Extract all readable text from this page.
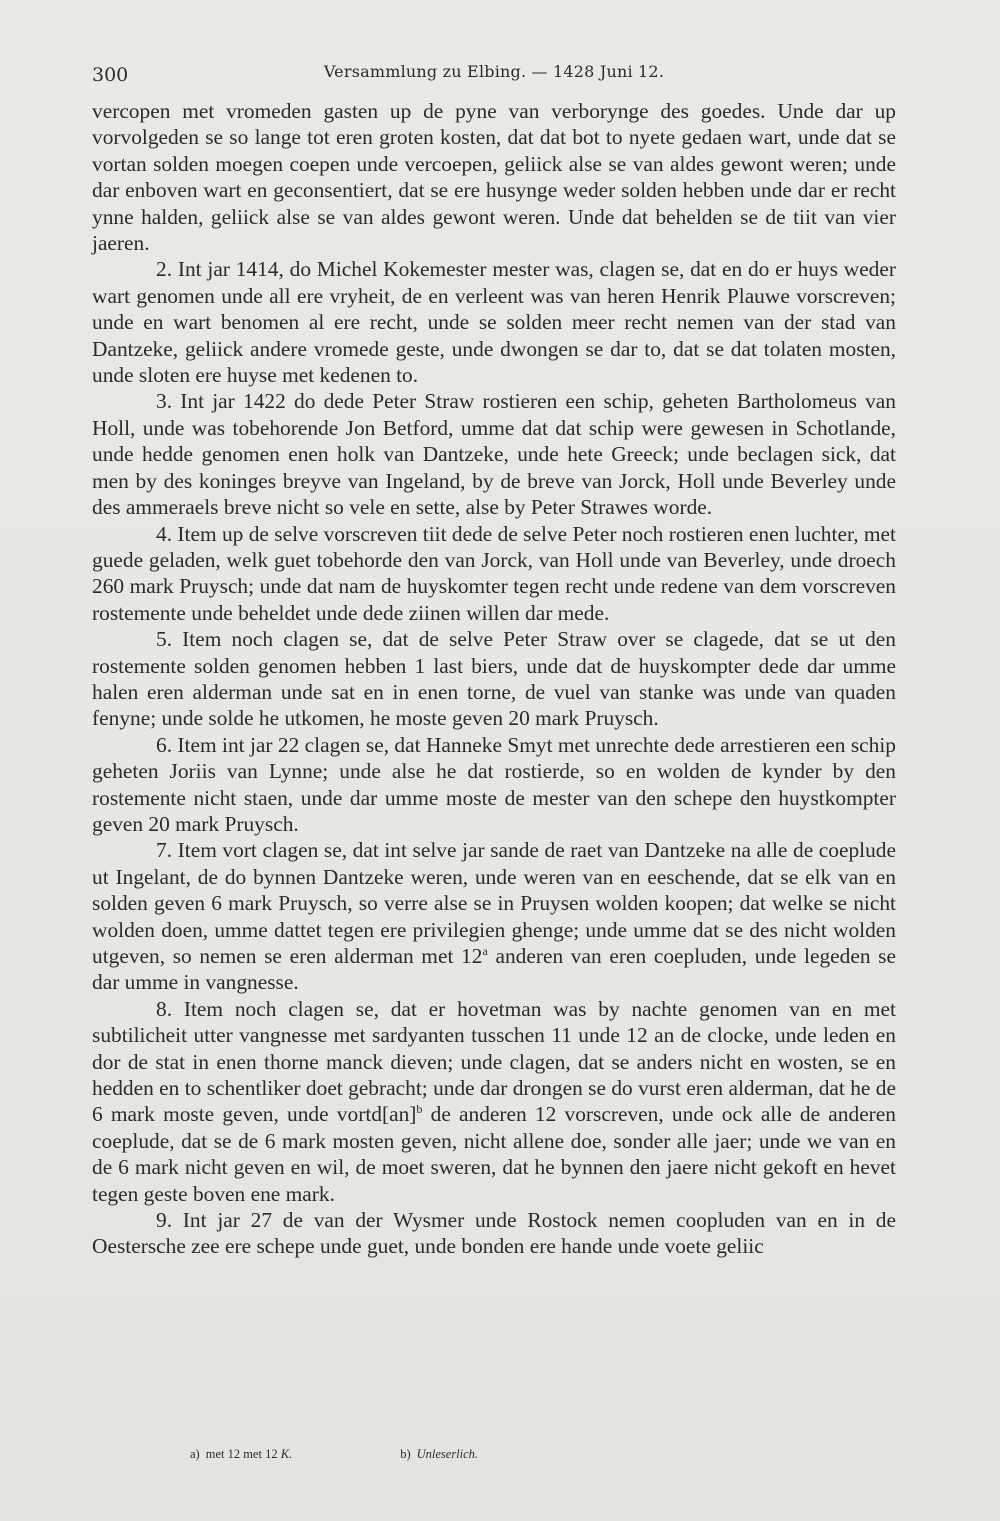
300	Versammlung zu Elbing. — 1428 Juni 12.

vercopen met vromeden gasten up de pyne van verborynge des goedes. Unde dar up vorvolgeden se so lange tot eren groten kosten, dat dat bot to nyete gedaen wart, unde dat se vortan solden moegen coepen unde vercoepen, geliick alse se van aldes gewont weren; unde dar enboven wart en geconsentiert, dat se ere husynge weder solden hebben unde dar er recht ynne halden, geliick alse se van aldes gewont weren. Unde dat behelden se de tiit van vier jaeren.

2. Int jar 1414, do Michel Kokemester mester was, clagen se, dat en do er huys weder wart genomen unde all ere vryheit, de en verleent was van heren Henrik Plauwe vorscreven; unde en wart benomen al ere recht, unde se solden meer recht nemen van der stad van Dantzeke, geliick andere vromede geste, unde dwongen se dar to, dat se dat tolaten mosten, unde sloten ere huyse met kedenen to.

3. Int jar 1422 do dede Peter Straw rostieren een schip, geheten Bartholomeus van Holl, unde was tobehorende Jon Betford, umme dat dat schip were gewesen in Schotlande, unde hedde genomen enen holk van Dantzeke, unde hete Greeck; unde beclagen sick, dat men by des koninges breyve van Ingeland, by de breve van Jorck, Holl unde Beverley unde des ammeraels breve nicht so vele en sette, alse by Peter Strawes worde.

4. Item up de selve vorscreven tiit dede de selve Peter noch rostieren enen luchter, met guede geladen, welk guet tobehorde den van Jorck, van Holl unde van Beverley, unde droech 260 mark Pruysch; unde dat nam de huyskomter tegen recht unde redene van dem vorscreven rostemente unde beheldet unde dede ziinen willen dar mede.

5. Item noch clagen se, dat de selve Peter Straw over se clagede, dat se ut den rostemente solden genomen hebben 1 last biers, unde dat de huyskompter dede dar umme halen eren alderman unde sat en in enen torne, de vuel van stanke was unde van quaden fenyne; unde solde he utkomen, he moste geven 20 mark Pruysch.

6. Item int jar 22 clagen se, dat Hanneke Smyt met unrechte dede arrestieren een schip geheten Joriis van Lynne; unde alse he dat rostierde, so en wolden de kynder by den rostemente nicht staen, unde dar umme moste de mester van den schepe den huystkompter geven 20 mark Pruysch.

7. Item vort clagen se, dat int selve jar sande de raet van Dantzeke na alle de coeplude ut Ingelant, de do bynnen Dantzeke weren, unde weren van en eeschende, dat se elk van en solden geven 6 mark Pruysch, so verre alse se in Pruysen wolden koopen; dat welke se nicht wolden doen, umme dattet tegen ere privilegien ghenge; unde umme dat se des nicht wolden utgeven, so nemen se eren alderman met 12$^a$ anderen van eren coepluden, unde legeden se dar umme in vangnesse.

8. Item noch clagen se, dat er hovetman was by nachte genomen van en met subtilicheit utter vangnesse met sardyanten tusschen 11 unde 12 an de clocke, unde leden en dor de stat in enen thorne manck dieven; unde clagen, dat se anders nicht en wosten, se en hedden en to schentliker doet gebracht; unde dar drongen se do vurst eren alderman, dat he de 6 mark moste geven, unde vortd[an]$^b$ de anderen 12 vorscreven, unde ock alle de anderen coeplude, dat se de 6 mark mosten geven, nicht allene doe, sonder alle jaer; unde we van en de 6 mark nicht geven en wil, de moet sweren, dat he bynnen den jaere nicht gekoft en hevet tegen geste boven ene mark.

9. Int jar 27 de van der Wysmer unde Rostock nemen coopluden van en in de Oestersche zee ere schepe unde guet, unde bonden ere hande unde voete geliic

a) met 12 met 12 K.	b) Unleserlich.
